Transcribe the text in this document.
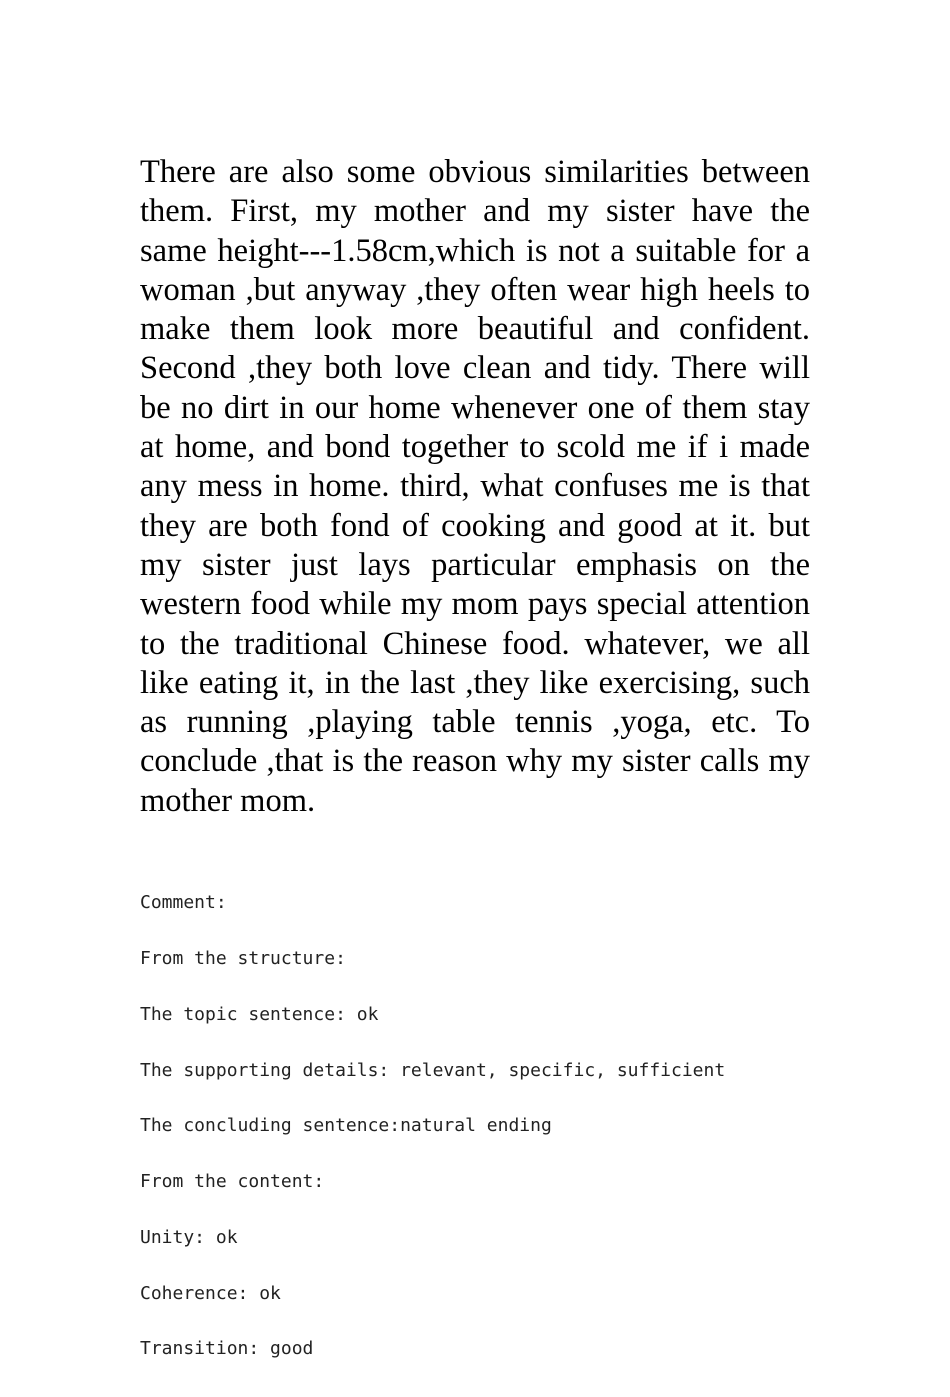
There are also some obvious similarities between them. First, my mother and my sister have the same height---1.58cm,which is not a suitable for a woman ,but anyway ,they often wear high heels to make them look more beautiful and confident. Second ,they both love clean and tidy. There will be no dirt in our home whenever one of them stay at home, and bond together to scold me if i made any mess in home. third, what confuses me is that they are both fond of cooking and good at it. but my sister just lays particular emphasis on the western food while my mom pays special attention to the traditional Chinese food. whatever, we all like eating it, in the last ,they like exercising, such as running ,playing table tennis ,yoga, etc. To conclude ,that is the reason why my sister calls my mother mom.

Comment:

From the structure:

The topic sentence: ok

The supporting details: relevant, specific, sufficient

The concluding sentence:natural ending

From the content:

Unity: ok

Coherence: ok

Transition: good
